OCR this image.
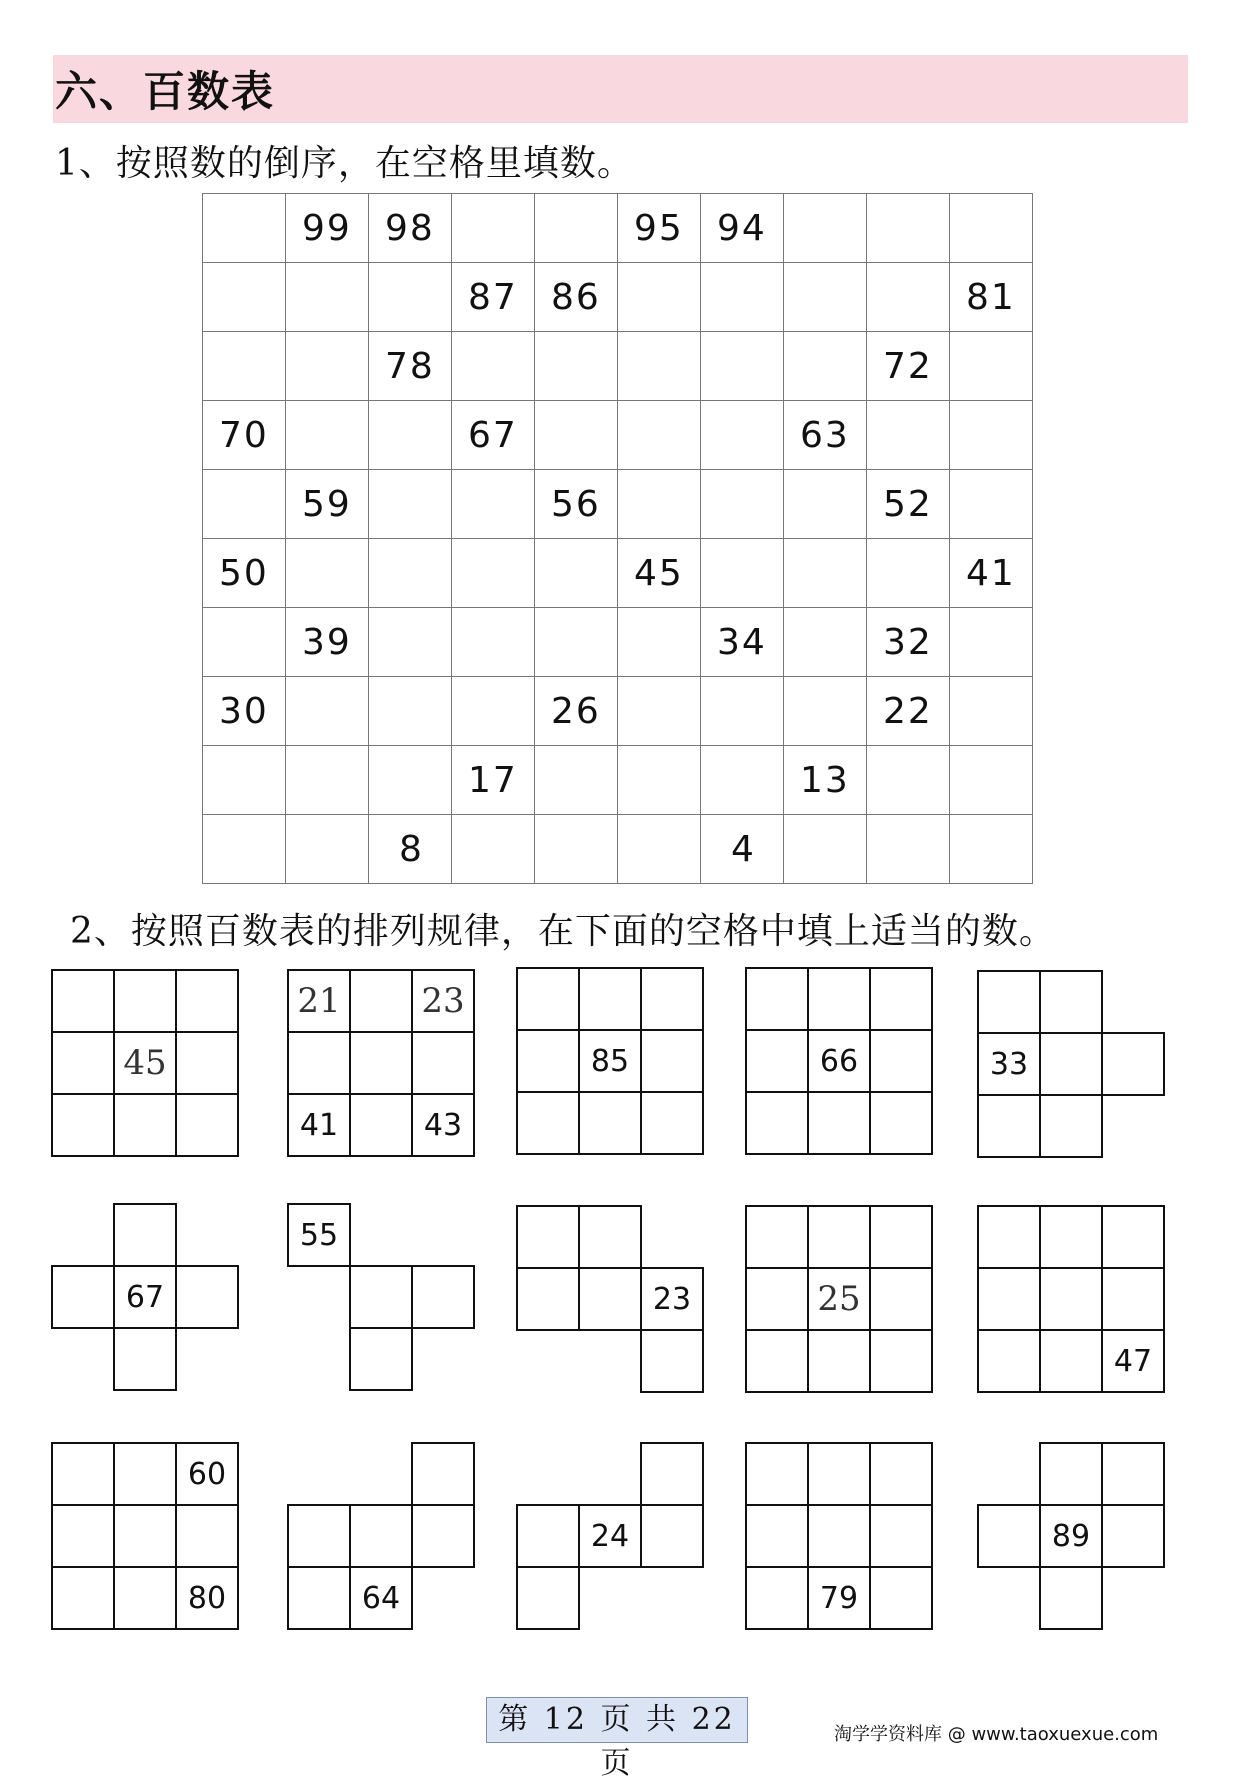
六、百数表
1、按照数的倒序，在空格里填数。

	99	98			95	94			

			87	86					81

		78						72	

70			67				63		

	59			56				52	

50					45				41

	39					34		32	

30				26				22	

			17				13		

		8				4			

2、按照百数表的排列规律，在下面的空格中填上适当的数。
45
21	23
41	43
85	66	33
67
55
23	25
47
60
80	64
24
79
89
第 12 页 共 22 页
淘学学资料库 @ www.taoxuexue.com
